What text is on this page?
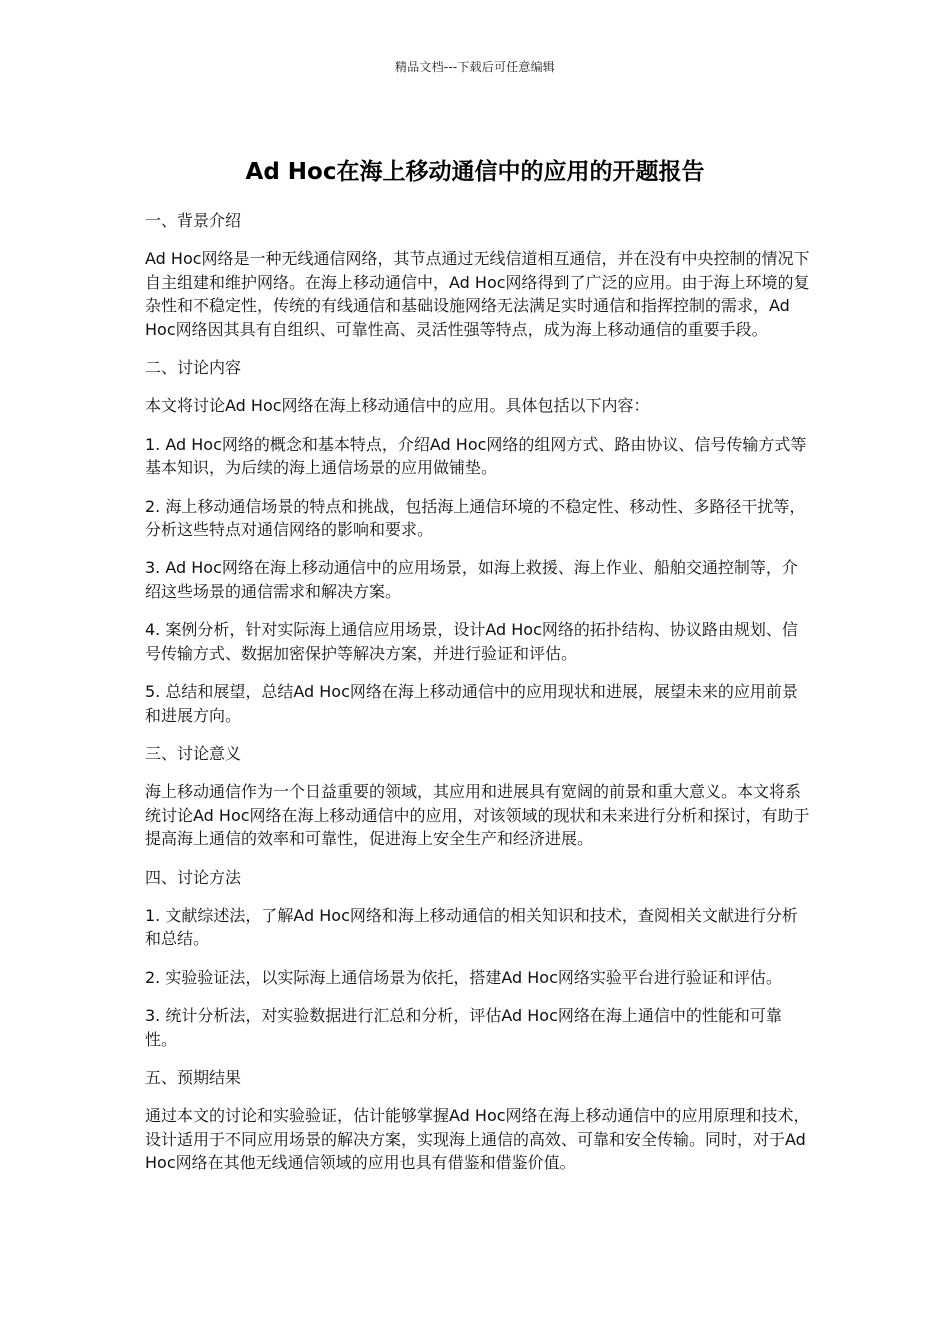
精品文档---下载后可任意编辑
Ad Hoc在海上移动通信中的应用的开题报告

一、背景介绍

Ad Hoc网络是一种无线通信网络，其节点通过无线信道相互通信，并在没有中央控制的情况下自主组建和维护网络。在海上移动通信中，Ad Hoc网络得到了广泛的应用。由于海上环境的复杂性和不稳定性，传统的有线通信和基础设施网络无法满足实时通信和指挥控制的需求，Ad Hoc网络因其具有自组织、可靠性高、灵活性强等特点，成为海上移动通信的重要手段。

二、讨论内容

本文将讨论Ad Hoc网络在海上移动通信中的应用。具体包括以下内容：

1. Ad Hoc网络的概念和基本特点，介绍Ad Hoc网络的组网方式、路由协议、信号传输方式等基本知识，为后续的海上通信场景的应用做铺垫。

2. 海上移动通信场景的特点和挑战，包括海上通信环境的不稳定性、移动性、多路径干扰等，分析这些特点对通信网络的影响和要求。

3. Ad Hoc网络在海上移动通信中的应用场景，如海上救援、海上作业、船舶交通控制等，介绍这些场景的通信需求和解决方案。

4. 案例分析，针对实际海上通信应用场景，设计Ad Hoc网络的拓扑结构、协议路由规划、信号传输方式、数据加密保护等解决方案，并进行验证和评估。

5. 总结和展望，总结Ad Hoc网络在海上移动通信中的应用现状和进展，展望未来的应用前景和进展方向。

三、讨论意义

海上移动通信作为一个日益重要的领域，其应用和进展具有宽阔的前景和重大意义。本文将系统讨论Ad Hoc网络在海上移动通信中的应用，对该领域的现状和未来进行分析和探讨，有助于提高海上通信的效率和可靠性，促进海上安全生产和经济进展。

四、讨论方法

1. 文献综述法，了解Ad Hoc网络和海上移动通信的相关知识和技术，查阅相关文献进行分析和总结。

2. 实验验证法，以实际海上通信场景为依托，搭建Ad Hoc网络实验平台进行验证和评估。

3. 统计分析法，对实验数据进行汇总和分析，评估Ad Hoc网络在海上通信中的性能和可靠性。

五、预期结果

通过本文的讨论和实验验证，估计能够掌握Ad Hoc网络在海上移动通信中的应用原理和技术，设计适用于不同应用场景的解决方案，实现海上通信的高效、可靠和安全传输。同时，对于Ad Hoc网络在其他无线通信领域的应用也具有借鉴和借鉴价值。
